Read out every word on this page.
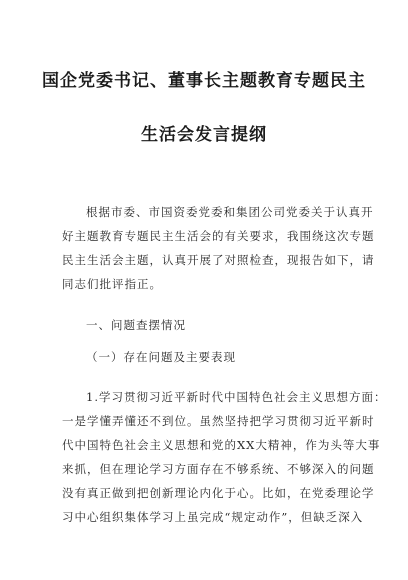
国企党委书记、董事长主题教育专题民主
生活会发言提纲
根据市委、市国资委党委和集团公司党委关于认真开
好主题教育专题民主生活会的有关要求，我围绕这次专题
民主生活会主题，认真开展了对照检查，现报告如下，请
同志们批评指正。
一、问题查摆情况
（一）存在问题及主要表现
1.学习贯彻习近平新时代中国特色社会主义思想方面：
一是学懂弄懂还不到位。虽然坚持把学习贯彻习近平新时
代中国特色社会主义思想和党的XX大精神，作为头等大事
来抓，但在理论学习方面存在不够系统、不够深入的问题
没有真正做到把创新理论内化于心。比如，在党委理论学
习中心组织集体学习上虽完成“规定动作”，但缺乏深入
